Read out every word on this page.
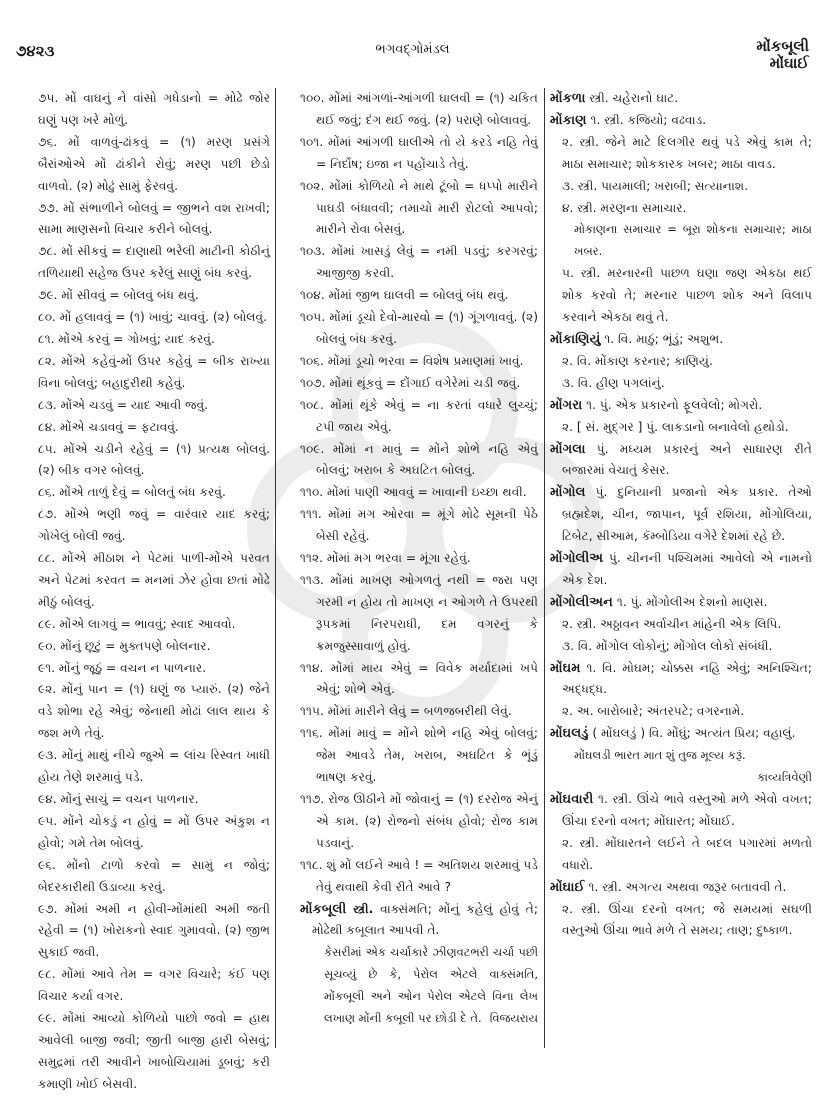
૭૪૨૩	ભગવદ્ગોમંડલ	મોંકબૂલી
મોંઘાઈ

૭૫. મોં વાઘનું ને વાંસો ગધેડાનો = મોઢે જોર ઘણું પણ ખરે મોળું.

૭૬. મોં વાળવું-ઢાંકવું = (૧) મરણ પ્રસંગે બૈરાંઓએ મોં ઢાંકીને રોવું; મરણ પછી છેડો વાળવો. (૨) મોઢું સામું ફેરવવું.

૭૭. મોં સંભાળીને બોલવું = જીભને વશ રાખવી; સામા માણસનો વિચાર કરીને બોલવું.

૭૮. મોં સીકવું = દાણાથી ભરેલી માટીની કોઠીનું તળિયાથી સહેજ ઉપર કરેલું સાણું બંધ કરવું.

૭૯. મોં સીવવું = બોલવું બંધ થવું.

૮૦. મોં હલાવવું = (૧) ખાવું; ચાવવું. (૨) બોલવું.

૮૧. મોંએ કરવું = ગોખવું; યાદ કરવું.

૮૨. મોંએ કહેવું-મોં ઉપર કહેવું = બીક રાખ્યા વિના બોલવું; બહાદુરીથી કહેવું.

૮૩. મોંએ ચડવું = યાદ આવી જવું.

૮૪. મોંએ ચડાવવું = ફટાવવું.

૮૫. મોંએ ચડીને રહેવું = (૧) પ્રત્યક્ષ બોલવું. (૨) બીક વગર બોલવું.

૮૬. મોંએ તાળું દેવું = બોલતું બંધ કરવું.

૮૭. મોંએ ભણી જવું = વારંવાર યાદ કરવું; ગોખેલું બોલી જવું.

૮૮. મોંએ મીઠાશ ને પેટમાં પાળી-મોંએ પરવત અને પેટમાં કરવત = મનમાં ઝેર હોવા છતાં મોઢે મીઠું બોલવું.

૮૯. મોંએ લાગવું = ભાવવું; સ્વાદ આવવો.

૯૦. મોંનું છૂટું = મુક્તપણે બોલનાર.

૯૧. મોંનું જૂઠું = વચન ન પાળનાર.

૯૨. મોંનું પાન = (૧) ઘણું જ પ્યારું. (૨) જેને વડે શોભા રહે એવું; જેનાથી મોઢાં લાલ થાય કે જશ મળે તેવું.

૯૩. મોંનું માથું નીચે જુએ = લાંચ રિસ્વત ખાધી હોય તેણે શરમાવું પડે.

૯૪. મોંનું સાચું = વચન પાળનાર.

૯૫. મોંને ચોકડું ન હોવું = મોં ઉપર અંકુશ ન હોવો; ગમે તેમ બોલવું.

૯૬. મોંનો ટાળો કરવો = સામું ન જોવું; બેદરકારીથી ઉડાવ્યા કરવું.

૯૭. મોંમાં અમી ન હોવી-મોંમાંથી અમી જતી રહેવી = (૧) ખોરાકનો સ્વાદ ગુમાવવો. (૨) જીભ સુકાઈ જવી.

૯૮. મોંમાં આવે તેમ = વગર વિચારે; કંઈ પણ વિચાર કર્યા વગર.

૯૯. મોંમાં આવ્યો કોળિયો પાછો જવો = હાથ આવેલી બાજી જવી; જીતી બાજી હારી બેસવું; સમુદ્રમાં તરી આવીને ખાબોચિયામાં ડૂબવું; કરી કમાણી ખોઈ બેસવી.

૧૦૦. મોંમાં આંગળાં-આંગળી ઘાલવી = (૧) ચકિત થઈ જવું; દંગ થઈ જવું. (૨) પરાણે બોલાવવું.

૧૦૧. મોંમાં આંગળી ઘાલીએ તો યે કરડે નહિ તેવું = નિર્દોષ; ઇજા ન પહોંચાડે તેવું.

૧૦૨. મોંમાં કોળિયો ને માથે ટૂંબો = ધપ્પો મારીને પાઘડી બંધાવવી; તમાચો મારી રોટલો આપવો; મારીને રોવા બેસવું.

૧૦૩. મોંમાં ખાસડું લેવું = નમી પડવું; કરગરવું; આજીજી કરવી.

૧૦૪. મોંમાં જીભ ઘાલવી = બોલવું બંધ થવું.

૧૦૫. મોંમાં ડૂચો દેવો-મારવો = (૧) ગૂંગળાવવું. (૨) બોલવું બંધ કરવું.

૧૦૬. મોંમાં ડૂચો ભરવા = વિશેષ પ્રમાણમાં ખાવું.

૧૦૭. મોંમાં થૂંકવું = દોંગાઈ વગેરેમાં ચડી જવું.

૧૦૮. મોંમાં થૂંકે એવું = ના કરતાં વધારે લુચ્ચું; ટપી જાય એવું.

૧૦૯. મોંમાં ન માવું = મોંને શોભે નહિ એવું બોલવું; ખરાબ કે અઘટિત બોલવું.

૧૧૦. મોંમાં પાણી આવવું = ખાવાની ઇચ્છા થવી.

૧૧૧. મોંમાં મગ ઓરવા = મૂંગે મોઢે સૂમની પેઠે બેસી રહેવું.

૧૧૨. મોંમાં મગ ભરવા = મૂંગા રહેવું.

૧૧૩. મોંમાં માખણ ઓગળતું નથી = જરા પણ ગરમી ન હોય તો માખણ ન ઓગળે તે ઉપરથી રૂપકમાં નિરપરાધી, દમ વગરનું કે ક્રમજુસ્સાવાળું હોવું.

૧૧૪. મોંમાં માય એવું = વિવેક મર્યાદામાં ખપે એવું; શોભે એવું.

૧૧૫. મોંમાં મારીને લેવું = બળજબરીથી લેવું.

૧૧૬. મોંમાં માવું = મોંને શોભે નહિ એવું બોલવું; જેમ આવડે તેમ, ખરાબ, અઘટિત કે ભૂંડું ભાષણ કરવું.

૧૧૭. રોજ ઊઠીને મોં જોવાનું = (૧) દરરોજ એનું એ કામ. (૨) રોજનો સંબંધ હોવો; રોજ કામ પડવાનું.

૧૧૮. શું મોં લઈને આવે ! = અતિશય શરમાવું પડે તેવું થવાથી કેવી રીતે આવે ?

મોંકબૂલી સ્ત્રી. વાક્સંમતિ; મોંનું કહેલું હોવું તે; મોઢેથી કબૂલાત આપવી તે.

કેસરીમાં એક ચર્ચાકારે ઝીણવટભરી ચર્ચા પછી સૂચવ્યું છે કે, પેરોલ એટલે વાક્સંમતિ, મોંકબૂલી અને ઓન પેરોલ એટલે વિના લેખ લખાણ મોંની કબૂલી પર છોડી દે તે. વિજયરાય

મોંકળા સ્ત્રી. ચહેરાનો ઘાટ.

મોંકાણ ૧. સ્ત્રી. કજિયો; વઢવાડ.

૨. સ્ત્રી. જેને માટે દિલગીર થવું પડે એવું કામ તે; માઠા સમાચાર; શોકકારક ખબર; માઠા વાવડ.

૩. સ્ત્રી. પાયમાલી; ખરાબી; સત્યાનાશ.

૪. સ્ત્રી. મરણના સમાચાર.

મોકાણના સમાચાર = બૂરા શોકના સમાચાર; માઠા ખબર.

૫. સ્ત્રી. મરનારની પાછળ ઘણા જણ એકઠા થઈ શોક કરવો તે; મરનાર પાછળ શોક અને વિલાપ કરવાને એકઠા થવું તે.

મોંકાણિયું ૧. વિ. માઠું; ભૂંડું; અશુભ.

૨. વિ. મોંકાણ કરનાર; કાણિયું.

૩. વિ. હીણ પગલાંનું.

મોંગરા ૧. પું. એક પ્રકારનો ફૂલવેલો; મોગરો.

૨. [ સં. મુદ્ગર ] પું. લાકડાનો બનાવેલો હથોડો.

મોંગલા પું. મધ્યમ પ્રકારનું અને સાધારણ રીતે બજારમાં વેચાતું કેસર.

મોંગોલ પું. દુનિયાની પ્રજાનો એક પ્રકાર. તેઓ બ્રહ્મદેશ, ચીન, જાપાન, પૂર્વ રશિયા, મોંગોલિયા, ટિબેટ, સીઆમ, કૅમ્બોડિયા વગેરે દેશમાં રહે છે.

મોંગોલીઅ પું. ચીનની પશ્ચિમમાં આવેલો એ નામનો એક દેશ.

મોંગોલીઅન ૧. પું. મોંગોલીઅ દેશનો માણસ.

૨. સ્ત્રી. અઠ્ઠાવન અર્વાચીન માંહેની એક લિપિ.

૩. વિ. મોંગોલ લોકોનું; મોંગોલ લોકો સંબંધી.

મોંઘમ ૧. વિ. મોઘમ; ચોક્કસ નહિ એવું; અનિશ્ચિત; અદ્ધદ્ધ.

૨. અ. બારોબારે; અંતરપટે; વગરનામે.

મોંઘલડું ( મોંઘલડું ) વિ. મોંઘું; અત્યંત પ્રિય; વહાલું.

મોંઘલડી ભારત માત શું તુજ મૂલ્ય કરૂં.

કાવ્યત્રિવેણી

મોંઘવારી ૧. સ્ત્રી. ઊંચે ભાવે વસ્તુઓ મળે એવો વખત; ઊંચા દરનો વખત; મોંઘારત; મોંઘાઈ.

૨. સ્ત્રી. મોંઘારતને લઈને તે બદલ પગારમાં મળતો વધારો.

મોંઘાઈ ૧. સ્ત્રી. અગત્ય અથવા જરૂર બતાવવી તે.

૨. સ્ત્રી. ઊંચા દરનો વખત; જે સમયમાં સઘળી વસ્તુઓ ઊંચા ભાવે મળે તે સમય; તાણ; દુષ્કાળ.
